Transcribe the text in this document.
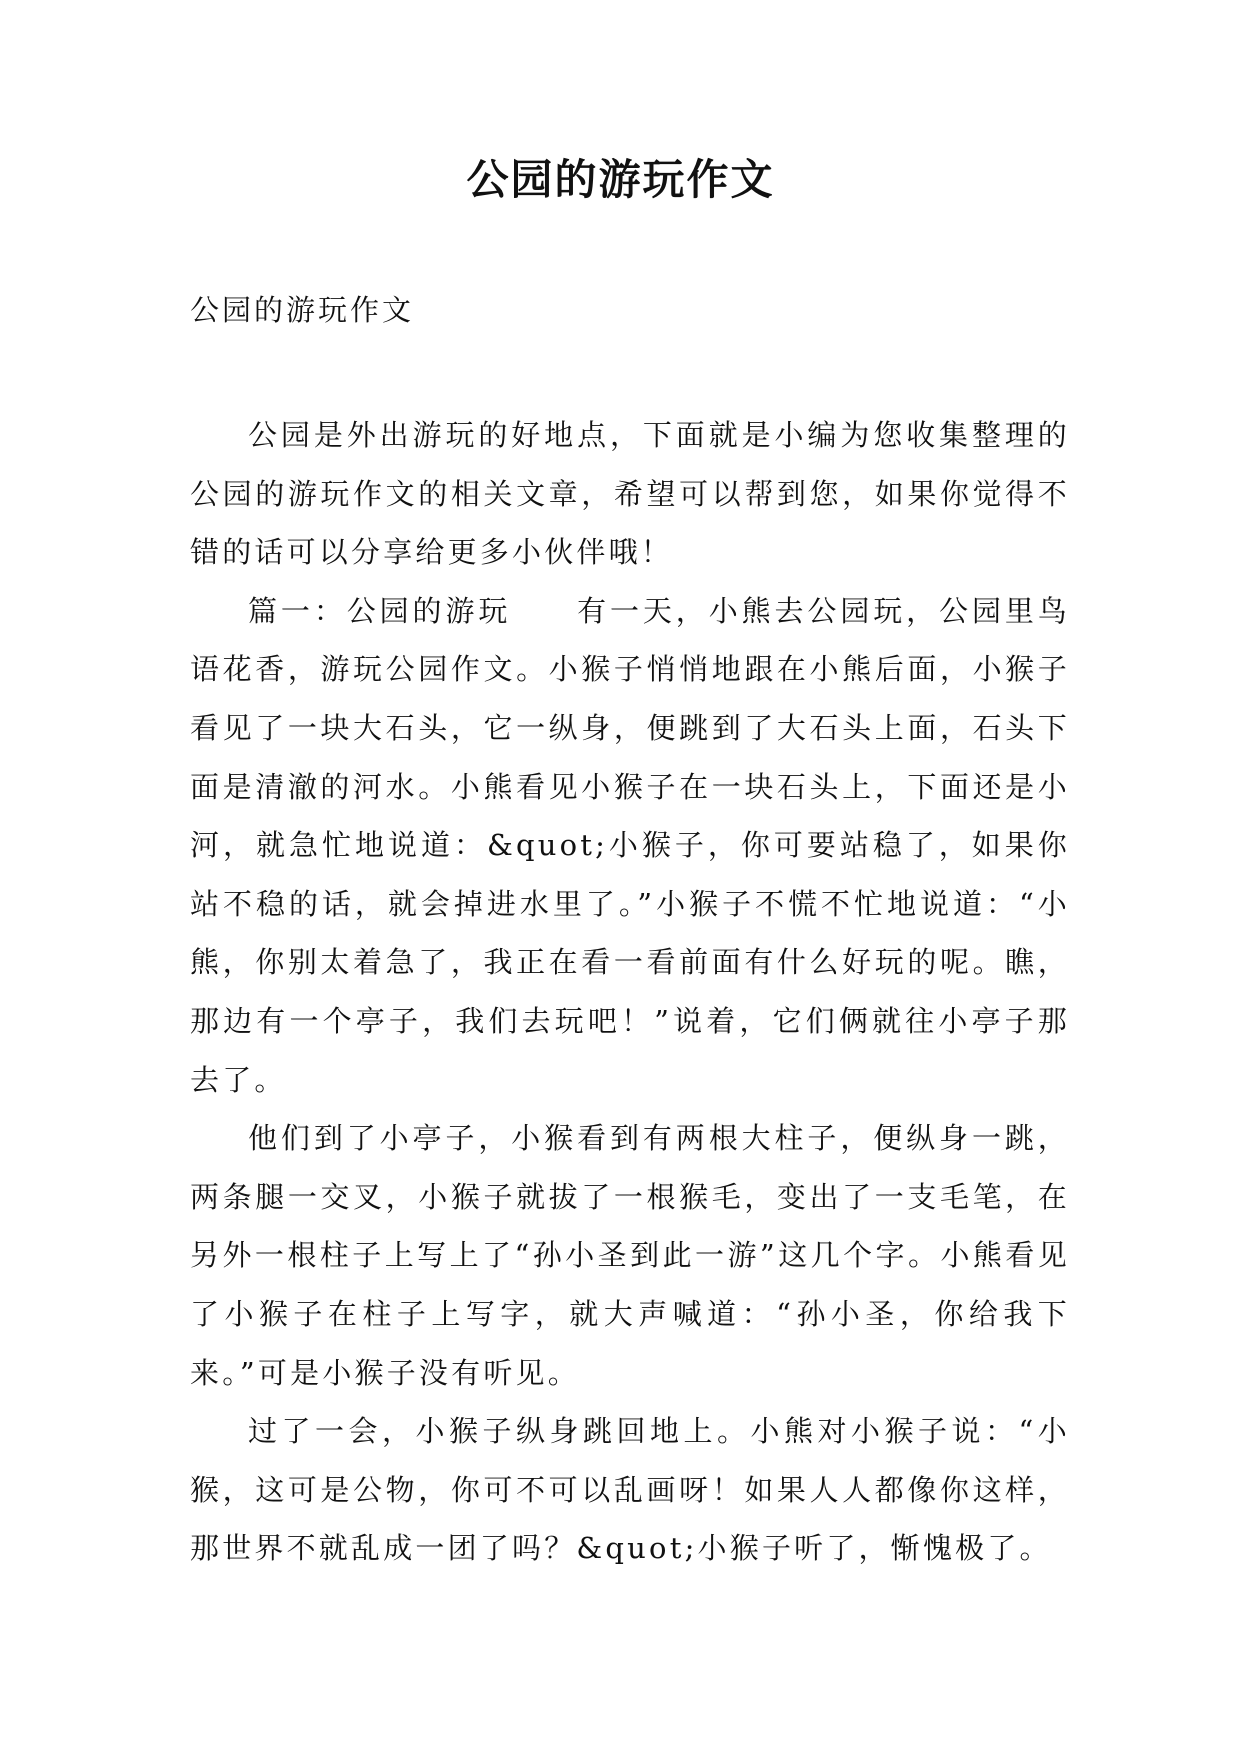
公园的游玩作文
公园的游玩作文

公园是外出游玩的好地点，下面就是小编为您收集整理的公园的游玩作文的相关文章，希望可以帮到您，如果你觉得不错的话可以分享给更多小伙伴哦！

篇一：公园的游玩　　有一天，小熊去公园玩，公园里鸟语花香，游玩公园作文。小猴子悄悄地跟在小熊后面，小猴子看见了一块大石头，它一纵身，便跳到了大石头上面，石头下面是清澈的河水。小熊看见小猴子在一块石头上，下面还是小河，就急忙地说道：&quot;小猴子，你可要站稳了，如果你站不稳的话，就会掉进水里了。”小猴子不慌不忙地说道：“小熊，你别太着急了，我正在看一看前面有什么好玩的呢。瞧，那边有一个亭子，我们去玩吧！”说着，它们俩就往小亭子那去了。

他们到了小亭子，小猴看到有两根大柱子，便纵身一跳，两条腿一交叉，小猴子就拔了一根猴毛，变出了一支毛笔，在另外一根柱子上写上了“孙小圣到此一游”这几个字。小熊看见了小猴子在柱子上写字，就大声喊道：“孙小圣，你给我下来。”可是小猴子没有听见。

过了一会，小猴子纵身跳回地上。小熊对小猴子说：“小猴，这可是公物，你可不可以乱画呀！如果人人都像你这样，那世界不就乱成一团了吗？&quot;小猴子听了，惭愧极了。
